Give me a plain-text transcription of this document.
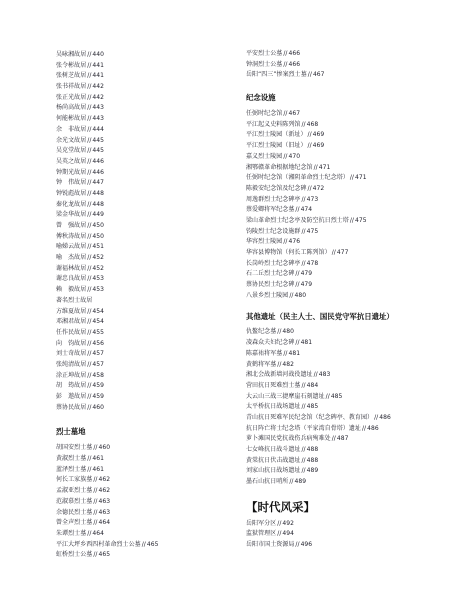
吴咏湘故居//440
张令彬故居//441
张树芝故居//441
张书祥故居//442
张正光故居//442
杨尚高故居//443
何能彬故居//443
余　非故居//444
余光文故居//445
吴克堂故居//445
吴英之故居//446
钟期光故居//446
钟　伟故居//447
钟锐彪故居//448
秦化龙故居//448
梁金华故居//449
曾　强故居//450
傅秋涛故居//450
喻娣云故居//451
喻　杰故居//452
谢福林故居//452
谢忠良故居//453
赖　毅故居//453
著名烈士故居
方维夏故居//454
邓湘君故居//454
任作民故居//455
向　钧故居//456
刘士奇故居//457
张纯清故居//457
涂正坤故居//458
胡　筠故居//459
彭　遨故居//459
蔡协民故居//460
烈士墓地
胡国安烈士墓//460
黄淑烈士墓//461
蓝泽烈士墓//461
何长工家族墓//462
孟淑亚烈士墓//462
范淑慕烈士墓//463
余德民烈士墓//463
曾全声烈士墓//464
朱谭烈士墓//464
平江大坪乡西四村革命烈士公墓//465
虹桥烈士公墓//465
平安烈士公墓//466
钟洞烈士公墓//466
岳阳“四三”惨案烈士墓//467
纪念设施
任弼时纪念馆//467
平江起义史料陈列馆//468
平江烈士陵园（新址）//469
平江烈士陵园（旧址）//469
嘉义烈士陵园//470
湘鄂赣革命根据地纪念馆//471
任弼时纪念馆（湘阴革命烈士纪念塔）//471
陈毅安纪念馆及纪念碑//472
周逸群烈士纪念碑亭//473
蔡爱卿将军纪念墓//474
梁山革命烈士纪念亭及防空抗日烈士塔//475
钧陵烈士纪念设施群//475
华容烈士陵园//476
华容县博物馆（何长工陈列馆）//477
长岗岭烈士纪念碑亭//478
石二丘烈士纪念碑//479
蔡协民烈士纪念碑//479
八景乡烈士陵园//480
其他遗址（民主人士、国民党守军抗日遗址）
仇鳌纪念墓//480
凌森众夫妇纪念碑//481
陈嘉祐将军墓//481
黄鹤将军墓//482
湘北会战新墙河战役遗址//483
营田抗日死难烈士墓//484
大云山三战三捷摩崖石刻遗址//485
太平桥抗日战场遗址//485
青山抗日死难军民纪念馆（纪念碑亭、教育园）//486
抗日阵亡将士纪念塔（平家湾自骨塔）遗址//486
萝卜滩国民党抗战伤兵病殉难处//487
七女峰抗日战斗遗址//488
黄棠抗日伏击战遗址//488
刘家山抗日战场遗址//489
墨石山抗日哨所//489
【时代风采】
岳阳军分区//492
监狱管理区//494
岳阳市国土资源局//496
